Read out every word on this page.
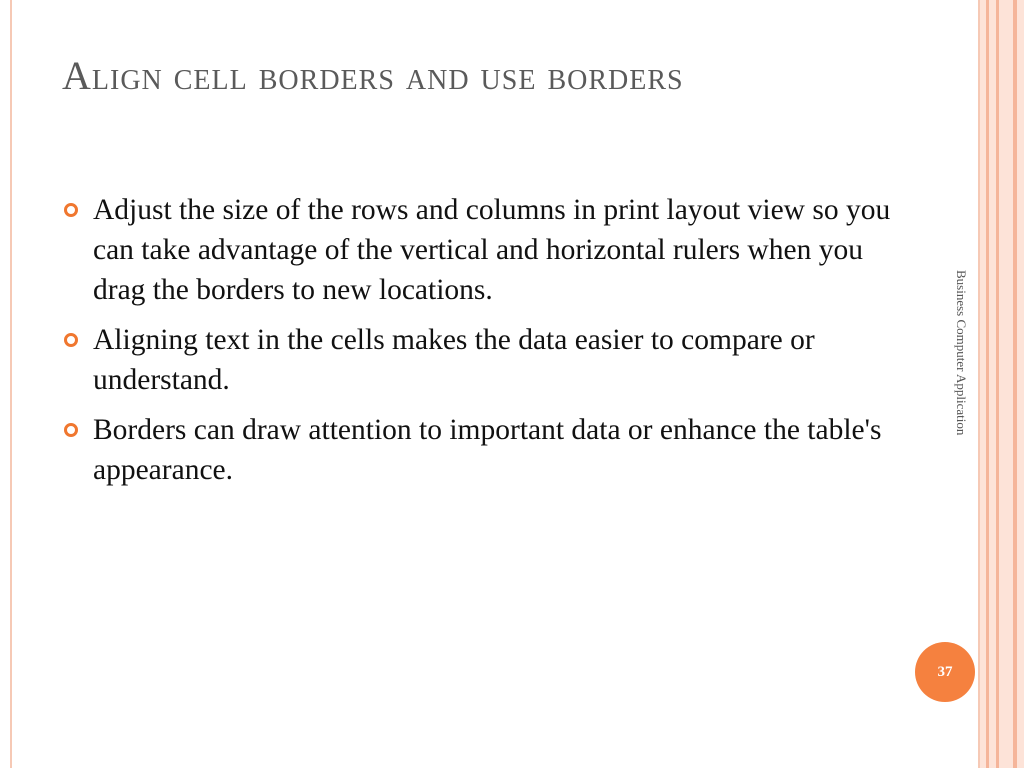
Align cell borders and use borders
Adjust the size of the rows and columns in print layout view so you can take advantage of the vertical and horizontal rulers when you drag the borders to new locations.
Aligning text in the cells makes the data easier to compare or understand.
Borders can draw attention to important data or enhance the table's appearance.
Business Computer Application
37
